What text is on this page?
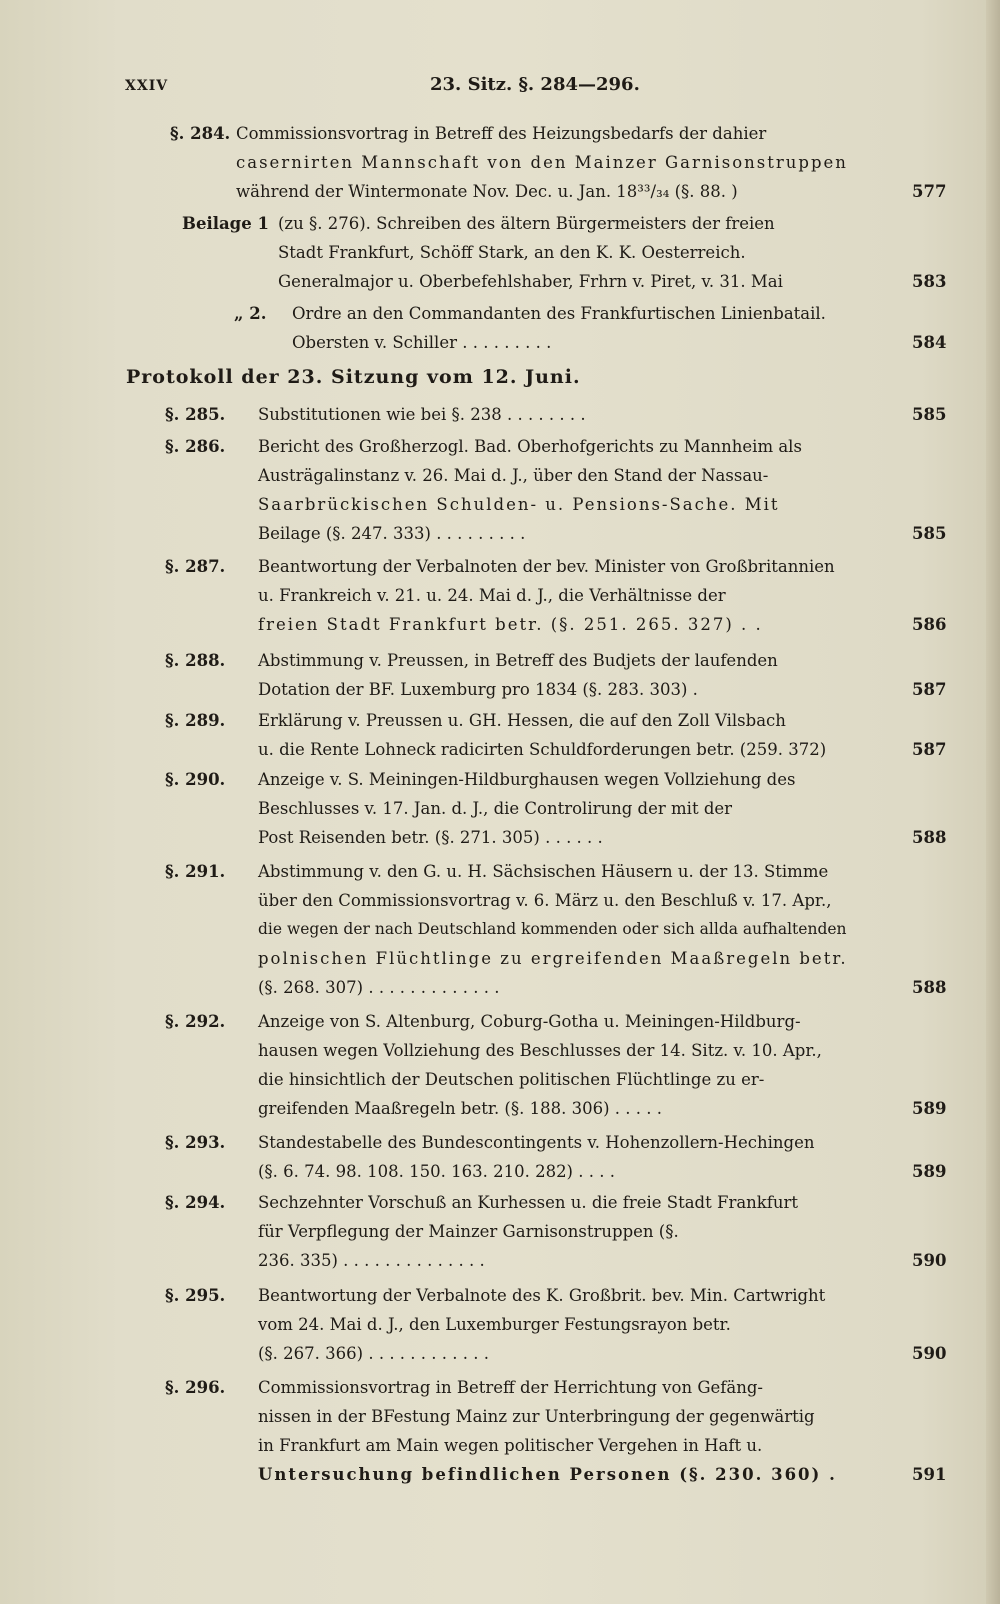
XXIV	23. Sitz. §. 284—296.
§. 284. Commissionsvortrag in Betreff des Heizungsbedarfs der dahier
casernirten Mannschaft von den Mainzer Garnisonstruppen
während der Wintermonate Nov. Dec. u. Jan. 18³³/₃₄ (§. 88. )	577
Beilage 1 (zu §. 276). Schreiben des ältern Bürgermeisters der freien
Stadt Frankfurt, Schöff Stark, an den K. K. Oesterreich.
Generalmajor u. Oberbefehlshaber, Frhrn v. Piret, v. 31. Mai	583
„ 2. Ordre an den Commandanten des Frankfurtischen Linienbatail.
Obersten v. Schiller . . . . . . . . .	584
Protokoll der 23. Sitzung vom 12. Juni.
§. 285. Substitutionen wie bei §. 238 . . . . . . . .	585
§. 286. Bericht des Großherzogl. Bad. Oberhofgerichts zu Mannheim als
Austrägalinstanz v. 26. Mai d. J., über den Stand der Nassau-
Saarbrückischen Schulden- u. Pensions-Sache. Mit
Beilage (§. 247. 333) . . . . . . . . .	585
§. 287. Beantwortung der Verbalnoten der bev. Minister von Großbritannien
u. Frankreich v. 21. u. 24. Mai d. J., die Verhältnisse der
freien Stadt Frankfurt betr. (§. 251. 265. 327) . .	586
§. 288. Abstimmung v. Preussen, in Betreff des Budjets der laufenden
Dotation der BF. Luxemburg pro 1834 (§. 283. 303) .	587
§. 289. Erklärung v. Preussen u. GH. Hessen, die auf den Zoll Vilsbach
u. die Rente Lohneck radicirten Schuldforderungen betr. (259. 372)	587
§. 290. Anzeige v. S. Meiningen-Hildburghausen wegen Vollziehung des
Beschlusses v. 17. Jan. d. J., die Controlirung der mit der
Post Reisenden betr. (§. 271. 305) . . . . . .	588
§. 291. Abstimmung v. den G. u. H. Sächsischen Häusern u. der 13. Stimme
über den Commissionsvortrag v. 6. März u. den Beschluß v. 17. Apr.,
die wegen der nach Deutschland kommenden oder sich allda aufhaltenden
polnischen Flüchtlinge zu ergreifenden Maaßregeln betr.
(§. 268. 307) . . . . . . . . . . . . .	588
§. 292. Anzeige von S. Altenburg, Coburg-Gotha u. Meiningen-Hildburg-
hausen wegen Vollziehung des Beschlusses der 14. Sitz. v. 10. Apr.,
die hinsichtlich der Deutschen politischen Flüchtlinge zu er-
greifenden Maaßregeln betr. (§. 188. 306) . . . . .	589
§. 293. Standestabelle des Bundescontingents v. Hohenzollern-Hechingen
(§. 6. 74. 98. 108. 150. 163. 210. 282) . . . .	589
§. 294. Sechzehnter Vorschuß an Kurhessen u. die freie Stadt Frankfurt
für Verpflegung der Mainzer Garnisonstruppen (§.
236. 335) . . . . . . . . . . . . . .	590
§. 295. Beantwortung der Verbalnote des K. Großbrit. bev. Min. Cartwright
vom 24. Mai d. J., den Luxemburger Festungsrayon betr.
(§. 267. 366) . . . . . . . . . . . .	590
§. 296. Commissionsvortrag in Betreff der Herrichtung von Gefäng-
nissen in der BFestung Mainz zur Unterbringung der gegenwärtig
in Frankfurt am Main wegen politischer Vergehen in Haft u.
Untersuchung befindlichen Personen (§. 230. 360) .	591
